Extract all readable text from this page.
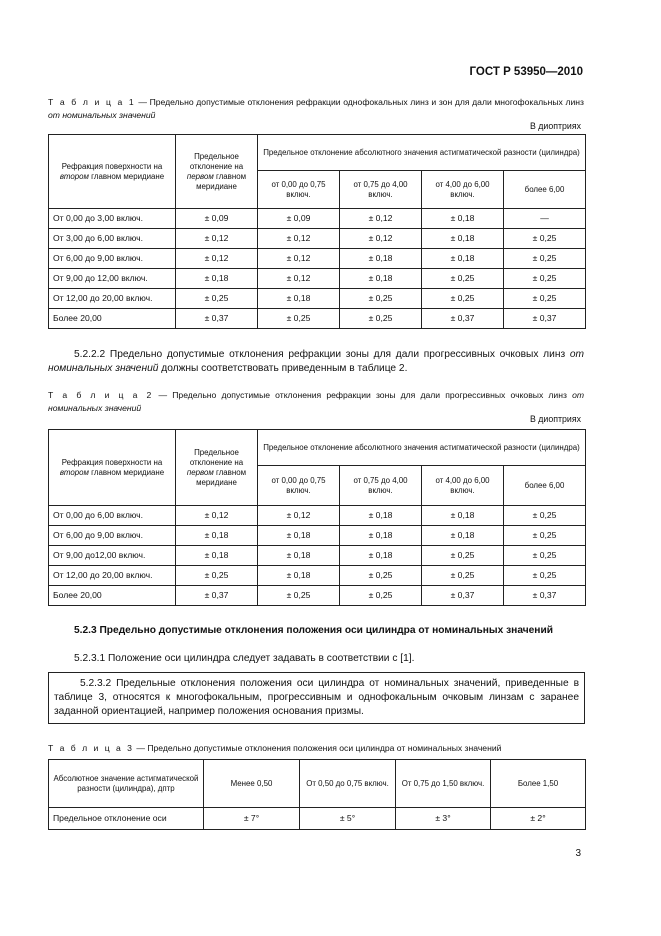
ГОСТ Р 53950—2010
Т а б л и ц а 1 — Предельно допустимые отклонения рефракции однофокальных линз и зон для дали многофокальных линз от номинальных значений
В диоптриях
Рефракция поверхности на втором главном меридиане	Предельное отклонение на первом главном меридиане	Предельное отклонение абсолютного значения астигматической разности (цилиндра)			
		от 0,00 до 0,75 включ.	от 0,75 до 4,00 включ.	от 4,00 до 6,00 включ.	более 6,00
От 0,00 до 3,00 включ.	± 0,09	± 0,09	± 0,12	± 0,18	—
От 3,00 до 6,00 включ.	± 0,12	± 0,12	± 0,12	± 0,18	± 0,25
От 6,00 до 9,00 включ.	± 0,12	± 0,12	± 0,18	± 0,18	± 0,25
От 9,00 до 12,00 включ.	± 0,18	± 0,12	± 0,18	± 0,25	± 0,25
От 12,00 до 20,00 включ.	± 0,25	± 0,18	± 0,25	± 0,25	± 0,25
Более 20,00	± 0,37	± 0,25	± 0,25	± 0,37	± 0,37
5.2.2.2 Предельно допустимые отклонения рефракции зоны для дали прогрессивных очковых линз от номинальных значений должны соответствовать приведенным в таблице 2.
Т а б л и ц а 2 — Предельно допустимые отклонения рефракции зоны для дали прогрессивных очковых линз от номинальных значений
В диоптриях
Рефракция поверхности на втором главном меридиане	Предельное отклонение на первом главном меридиане	Предельное отклонение абсолютного значения астигматической разности (цилиндра)			
		от 0,00 до 0,75 включ.	от 0,75 до 4,00 включ.	от 4,00 до 6,00 включ.	более 6,00
От 0,00 до 6,00 включ.	± 0,12	± 0,12	± 0,18	± 0,18	± 0,25
От 6,00 до 9,00 включ.	± 0,18	± 0,18	± 0,18	± 0,18	± 0,25
От 9,00 до12,00 включ.	± 0,18	± 0,18	± 0,18	± 0,25	± 0,25
От 12,00 до 20,00 включ.	± 0,25	± 0,18	± 0,25	± 0,25	± 0,25
Более 20,00	± 0,37	± 0,25	± 0,25	± 0,37	± 0,37
5.2.3 Предельно допустимые отклонения положения оси цилиндра от номинальных значений
5.2.3.1 Положение оси цилиндра следует задавать в соответствии с [1].
5.2.3.2 Предельные отклонения положения оси цилиндра от номинальных значений, приведенные в таблице 3, относятся к многофокальным, прогрессивным и однофокальным очковым линзам с заранее заданной ориентацией, например положения основания призмы.
Т а б л и ц а 3 — Предельно допустимые отклонения положения оси цилиндра от номинальных значений
Абсолютное значение астигматической разности (цилиндра), дптр	Менее 0,50	От 0,50 до 0,75 включ.	От 0,75 до 1,50 включ.	Более 1,50
Предельное отклонение оси	± 7°	± 5°	± 3°	± 2°
3
